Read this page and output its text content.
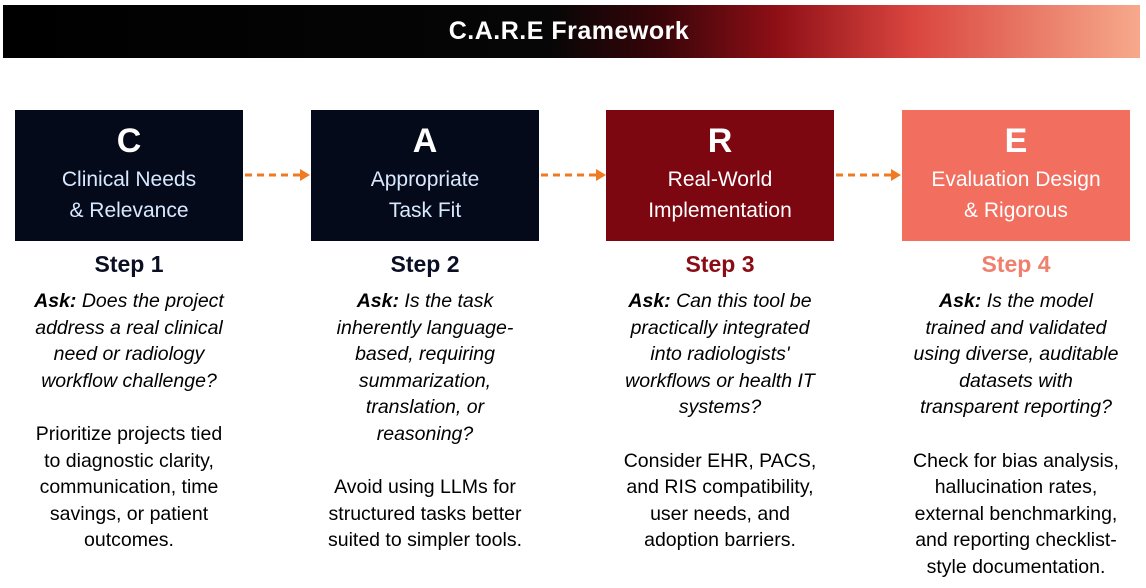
C.A.R.E Framework
C
Clinical Needs
& Relevance
A
Appropriate
Task Fit
R
Real-World
Implementation
E
Evaluation Design
& Rigorous
Step 1
Ask: Does the project
address a real clinical
need or radiology
workflow challenge?
Prioritize projects tied
to diagnostic clarity,
communication, time
savings, or patient
outcomes.
Step 2
Ask: Is the task
inherently language-
based, requiring
summarization,
translation, or
reasoning?
Avoid using LLMs for
structured tasks better
suited to simpler tools.
Step 3
Ask: Can this tool be
practically integrated
into radiologists'
workflows or health IT
systems?
Consider EHR, PACS,
and RIS compatibility,
user needs, and
adoption barriers.
Step 4
Ask: Is the model
trained and validated
using diverse, auditable
datasets with
transparent reporting?
Check for bias analysis,
hallucination rates,
external benchmarking,
and reporting checklist-
style documentation.
